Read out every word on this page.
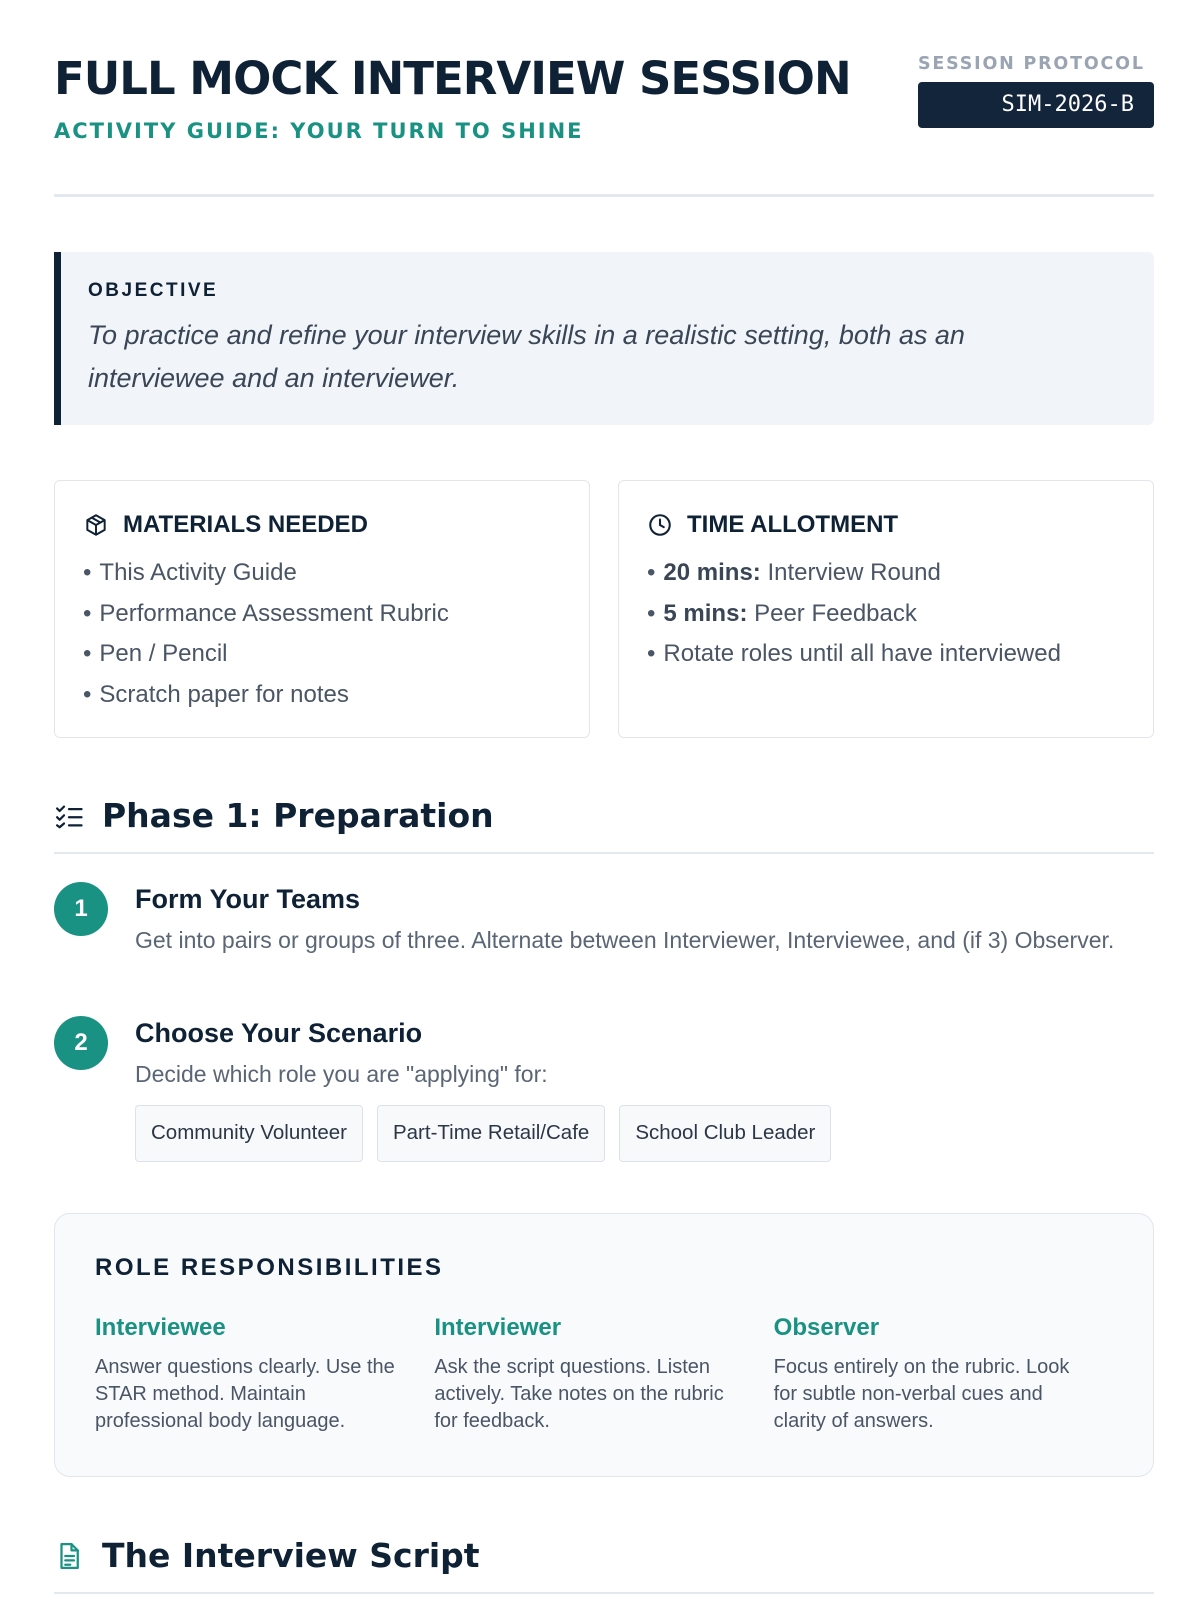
FULL MOCK INTERVIEW SESSION
ACTIVITY GUIDE: YOUR TURN TO SHINE
SESSION PROTOCOL
SIM-2026-B
OBJECTIVE
To practice and refine your interview skills in a realistic setting, both as an interviewee and an interviewer.
MATERIALS NEEDED
• This Activity Guide
• Performance Assessment Rubric
• Pen / Pencil
• Scratch paper for notes
TIME ALLOTMENT
• 20 mins: Interview Round
• 5 mins: Peer Feedback
• Rotate roles until all have interviewed
Phase 1: Preparation
1	Form Your Teams
Get into pairs or groups of three. Alternate between Interviewer, Interviewee, and (if 3) Observer.
2	Choose Your Scenario
Decide which role you are "applying" for:
Community Volunteer	Part-Time Retail/Cafe	School Club Leader
ROLE RESPONSIBILITIES
Interviewee
Answer questions clearly. Use the STAR method. Maintain professional body language.
Interviewer
Ask the script questions. Listen actively. Take notes on the rubric for feedback.
Observer
Focus entirely on the rubric. Look for subtle non-verbal cues and clarity of answers.
The Interview Script
